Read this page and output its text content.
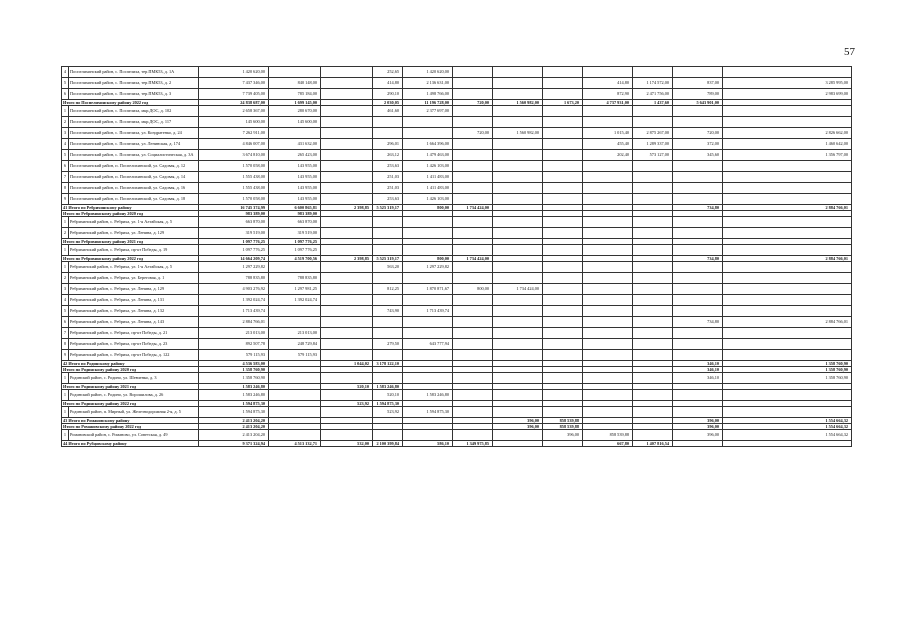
57
4	Поспелихинский район, с. Поспелиха, тер.ПМК53, д. 1А	1 420 620,00			252,65	1 420 620,00								
5	Поспелихинский район, с. Поспелиха, тер.ПМК53, д. 2	7 437 346,00	840 148,00		414,80	2 136 631,00				414,80	1 174 572,00	837,00	3 285 995,00	
6	Поспелихинский район, с. Поспелиха, тер.ПМК53, д. 3	7 739 405,00	785 184,00		290,10	1 498 766,00				872,90	2 471 756,00	789,00	2 983 699,00	
Итого по Поспелихинскому району 2022 год		24 838 687,00	1 699 145,00		2 030,05	11 196 728,00	720,00	1 560 982,00	1 673,20	4 737 931,00	1 437,60	5 643 901,00		
1	Поспелихинский район, с. Поспелиха, мкр.ДОС, д. 102	2 658 367,00	280 670,00		461,60	2 377 697,00								
2	Поспелихинский район, с. Поспелиха, мкр.ДОС, д. 117	145 600,00	145 600,00											
3	Поспелихинский район, с. Поспелиха, ул. Кондратенко, д. 24	7 262 911,00					720,00	1 560 982,00		1 015,40	2 875 267,00	720,00	2 826 662,00	
4	Поспелихинский район, с. Поспелиха, ул. Ленинская, д. 174	4 846 007,00	431 632,00		296,01	1 664 396,00				455,40	1 289 337,00	372,00	1 460 642,00	
5	Поспелихинский район, с. Поспелиха, ул. Социалистическая, д. 3А	3 674 810,00	265 423,00		263,12	1 479 463,00				202,40	573 127,00	345,60	1 356 797,00	
6	Поспелихинский район, п. Поспелихинский, ул. Садовая, д. 12	1 570 058,00	143 955,00		253,63	1 426 103,00								
7	Поспелихинский район, п. Поспелихинский, ул. Садовая, д. 14	1 555 438,00	143 955,00		251,03	1 411 483,00								
8	Поспелихинский район, п. Поспелихинский, ул. Садовая, д. 16	1 555 438,00	143 955,00		251,03	1 411 483,00								
9	Поспелихинский район, п. Поспелихинский, ул. Садовая, д. 18	1 570 058,00	143 955,00		253,63	1 426 103,00								
41 Итого по Ребрихинскому району		16 745 374,99	6 600 865,81	2 398,85	5 525 319,17	800,00	1 734 424,00					734,80	2 884 766,01	
Итого по Ребрихинскому району 2020 год		983 389,00	983 389,00											
1	Ребрихинский район, с. Ребриха, ул. 1-я Алтайская, д. 5	663 870,00	663 870,00											
2	Ребрихинский район, с. Ребриха, ул. Ленина, д. 129	319 519,00	319 519,00											
Итого по Ребрихинскому району 2021 год		1 097 776,25	1 097 776,25											
1	Ребрихинский район, с. Ребриха, пр-кт Победы, д. 19	1 097 776,25	1 097 776,25											
Итого по Ребрихинскому району 2022 год		14 664 209,74	4 519 700,56	2 398,85	5 525 319,17	800,00	1 734 424,00					734,80	2 884 766,01	
1	Ребрихинский район, с. Ребриха, ул. 1-я Алтайская, д. 5	1 297 229,82			563,20	1 297 229,82								
2	Ребрихинский район, с. Ребриха, ул. Береговая, д. 1	788 835,80	788 835,80											
3	Ребрихинский район, с. Ребриха, ул. Ленина, д. 129	4 903 276,92	1 297 981,25		812,25	1 870 871,67	800,00	1 734 424,00						
4	Ребрихинский район, с. Ребриха, ул. Ленина, д. 131	1 392 024,74	1 392 024,74											
5	Ребрихинский район, с. Ребриха, ул. Ленина, д. 132	1 713 439,74			743,90	1 713 439,74								
6	Ребрихинский район, с. Ребриха, ул. Ленина, д. 143	2 884 766,01										734,80	2 884 766,01	
7	Ребрихинский район, с. Ребриха, пр-кт Победы, д. 21	213 013,00	213 013,00											
8	Ребрихинский район, с. Ребриха, пр-кт Победы, д. 23	892 507,78	248 729,84		279,50	643 777,94								
9	Ребрихинский район, с. Ребриха, пр-кт Победы, д. 122	579 115,93	579 115,93											
42 Итого по Родинскому району		4 536 583,00		1 044,02	3 178 122,10							346,10	1 358 760,90	
Итого по Родинскому району 2020 год		1 358 760,90										346,10	1 358 760,90	
1	Родинский район, с. Родино, ул. Шевченко, д. 3	1 358 760,90										346,10	1 358 760,90	
Итого по Родинскому району 2021 год		1 583 246,80		520,10	1 583 246,80									
1	Родинский район, с. Родино, ул. Ворошилова, д. 26	1 583 246,80			520,10	1 583 246,80								
Итого по Родинскому району 2022 год		1 594 875,30		523,92	1 594 875,30									
1	Родинский район, п. Мирный, ул. Железнодорожная 2-я, д. 5	1 594 875,30			523,92	1 594 875,30								
43 Итого по Романовскому району		2 413 204,20						396,00	858 539,88			396,00	1 554 664,32	
Итого по Романовскому району 2022 год		2 413 204,20						396,00	858 539,88			396,00	1 554 664,32	
1	Романовский район, с. Романово, ул. Советская, д. 49	2 413 204,20							396,00	858 539,88		396,00	1 554 664,32	
44 Итого по Рубцовскому району		9 371 324,94	4 513 132,71	532,00	2 100 399,84	586,10	1 349 975,85			667,80	1 407 816,54			
